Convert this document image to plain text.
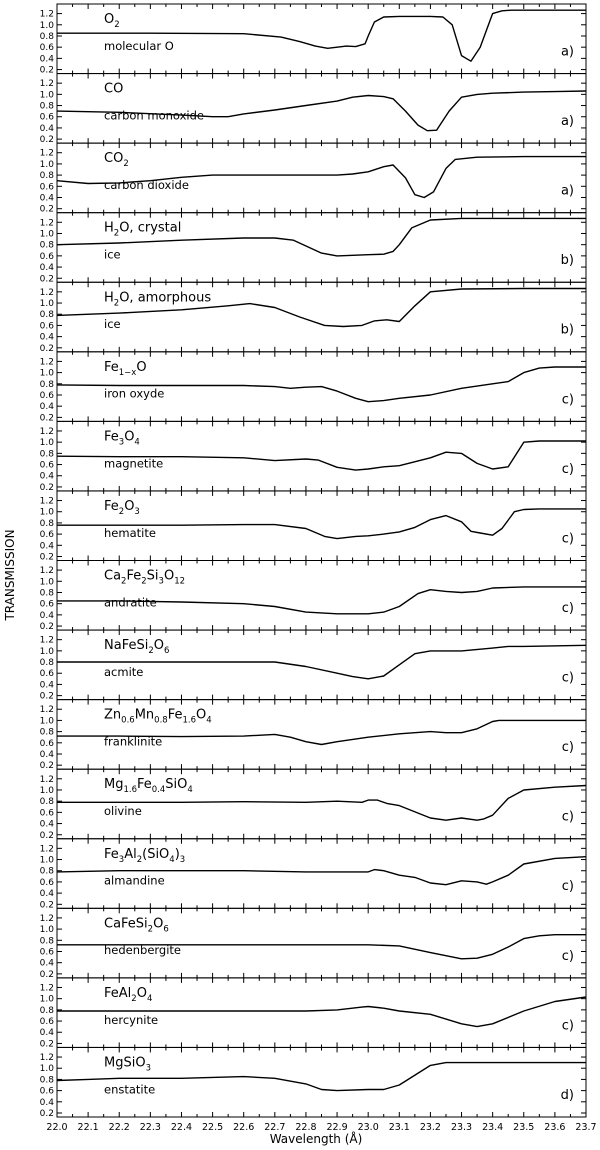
TRANSMISSION
Wavelength (Å)
0.2
0.4
0.6
0.8
1.0
1.2	$O_2$
molecular O	a)
0.2
0.4
0.6
0.8
1.0
1.2	CO
carbon monoxide	a)
0.2
0.4
0.6
0.8
1.0
1.2	$CO_2$
carbon dioxide	a)
0.2
0.4
0.6
0.8
1.0
1.2	$H_2O$, crystal
ice	b)
0.2
0.4
0.6
0.8
1.0
1.2	$H_2O$, amorphous
ice	b)
0.2
0.4
0.6
0.8
1.0
1.2	$Fe_{1-x}O$
iron oxyde	c)
0.2
0.4
0.6
0.8
1.0
1.2	$Fe_3O_4$
magnetite	c)
0.2
0.4
0.6
0.8
1.0
1.2	$Fe_2O_3$
hematite	c)
0.2
0.4
0.6
0.8
1.0
1.2	$Ca_2Fe_2Si_3O_{12}$
andratite	c)
0.2
0.4
0.6
0.8
1.0
1.2	$NaFeSi_2O_6$
acmite	c)
0.2
0.4
0.6
0.8
1.0
1.2	$Zn_{0.6}Mn_{0.8}Fe_{1.6}O_4$
franklinite	c)
0.2
0.4
0.6
0.8
1.0
1.2	$Mg_{1.6}Fe_{0.4}SiO_4$
olivine	c)
0.2
0.4
0.6
0.8
1.0
1.2	$Fe_3Al_2(SiO_4)_3$
almandine	c)
0.2
0.4
0.6
0.8
1.0
1.2	$CaFeSi_2O_6$
hedenbergite	c)
0.2
0.4
0.6
0.8
1.0
1.2	$FeAl_2O_4$
hercynite	c)
0.2
0.4
0.6
0.8
1.0
1.2	MgSiO$_3$
enstatite	d)
22.0 22.1 22.2 22.3 22.4 22.5 22.6 22.7 22.8 22.9 23.0 23.1 23.2 23.3 23.4 23.5 23.6 23.7
